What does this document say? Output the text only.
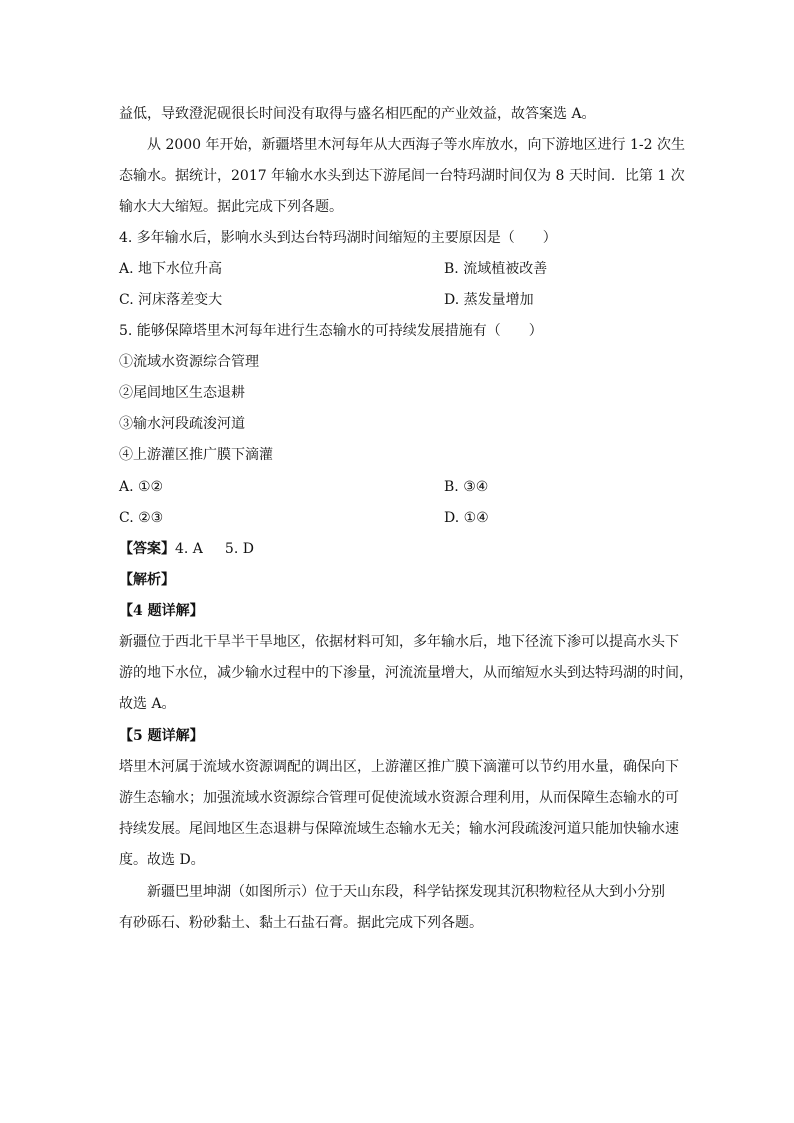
益低，导致澄泥砚很长时间没有取得与盛名相匹配的产业效益，故答案选 A。
从 2000 年开始，新疆塔里木河每年从大西海子等水库放水，向下游地区进行 1-2 次生
态输水。据统计，2017 年输水水头到达下游尾闾一台特玛湖时间仅为 8 天时间．比第 1 次
输水大大缩短。据此完成下列各题。
4. 多年输水后，影响水头到达台特玛湖时间缩短的主要原因是（　　）
A. 地下水位升高	B. 流域植被改善
C. 河床落差变大	D. 蒸发量增加
5. 能够保障塔里木河每年进行生态输水的可持续发展措施有（　　）
①流域水资源综合管理
②尾闾地区生态退耕
③输水河段疏浚河道
④上游灌区推广膜下滴灌
A. ①②	B. ③④
C. ②③	D. ①④
【答案】4. A 5. D
【解析】
【4 题详解】
新疆位于西北干旱半干旱地区，依据材料可知，多年输水后，地下径流下渗可以提高水头下
游的地下水位，减少输水过程中的下渗量，河流流量增大，从而缩短水头到达特玛湖的时间，
故选 A。
【5 题详解】
塔里木河属于流域水资源调配的调出区，上游灌区推广膜下滴灌可以节约用水量，确保向下
游生态输水；加强流域水资源综合管理可促使流域水资源合理利用，从而保障生态输水的可
持续发展。尾闾地区生态退耕与保障流域生态输水无关；输水河段疏浚河道只能加快输水速
度。故选 D。
新疆巴里坤湖（如图所示）位于天山东段，科学钻探发现其沉积物粒径从大到小分别
有砂砾石、粉砂黏土、黏土石盐石膏。据此完成下列各题。
